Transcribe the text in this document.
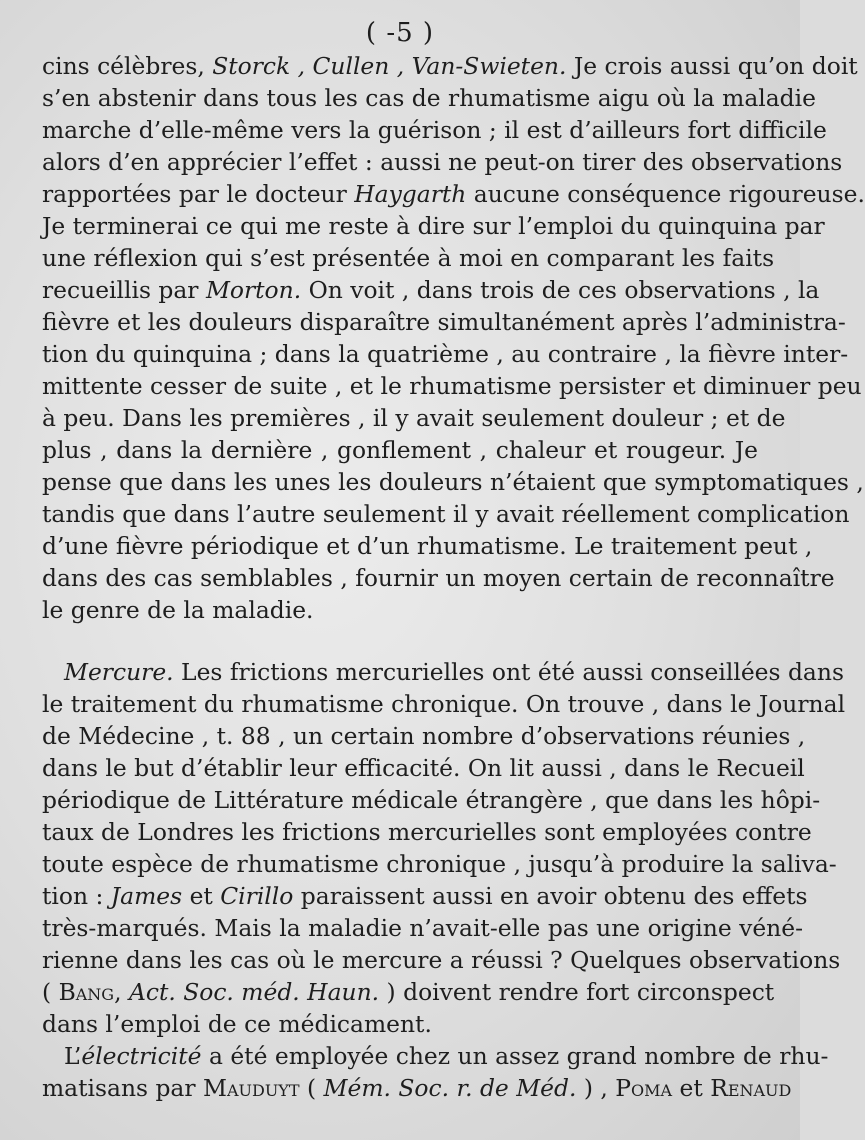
( -5 )
cins célèbres, Storck , Cullen , Van-Swieten. Je crois aussi qu’on doit
s’en abstenir dans tous les cas de rhumatisme aigu où la maladie
marche d’elle-même vers la guérison ; il est d’ailleurs fort difficile
alors d’en apprécier l’effet : aussi ne peut-on tirer des observations
rapportées par le docteur Haygarth aucune conséquence rigoureuse.
Je terminerai ce qui me reste à dire sur l’emploi du quinquina par
une réflexion qui s’est présentée à moi en comparant les faits
recueillis par Morton. On voit , dans trois de ces observations , la
fièvre et les douleurs disparaître simultanément après l’administra-
tion du quinquina ; dans la quatrième , au contraire , la fièvre inter-
mittente cesser de suite , et le rhumatisme persister et diminuer peu
à peu. Dans les premières , il y avait seulement douleur ; et de
plus , dans la dernière , gonflement , chaleur et rougeur. Je
pense que dans les unes les douleurs n’étaient que symptomatiques ,
tandis que dans l’autre seulement il y avait réellement complication
d’une fièvre périodique et d’un rhumatisme. Le traitement peut ,
dans des cas semblables , fournir un moyen certain de reconnaître
le genre de la maladie.
Mercure. Les frictions mercurielles ont été aussi conseillées dans
le traitement du rhumatisme chronique. On trouve , dans le Journal
de Médecine , t. 88 , un certain nombre d’observations réunies ,
dans le but d’établir leur efficacité. On lit aussi , dans le Recueil
périodique de Littérature médicale étrangère , que dans les hôpi-
taux de Londres les frictions mercurielles sont employées contre
toute espèce de rhumatisme chronique , jusqu’à produire la saliva-
tion : James et Cirillo paraissent aussi en avoir obtenu des effets
très-marqués. Mais la maladie n’avait-elle pas une origine véné-
rienne dans les cas où le mercure a réussi ? Quelques observations
( Bang, Act. Soc. méd. Haun. ) doivent rendre fort circonspect
dans l’emploi de ce médicament.
L’électricité a été employée chez un assez grand nombre de rhu-
matisans par Mauduyt ( Mém. Soc. r. de Méd. ) , Poma et Renaud
